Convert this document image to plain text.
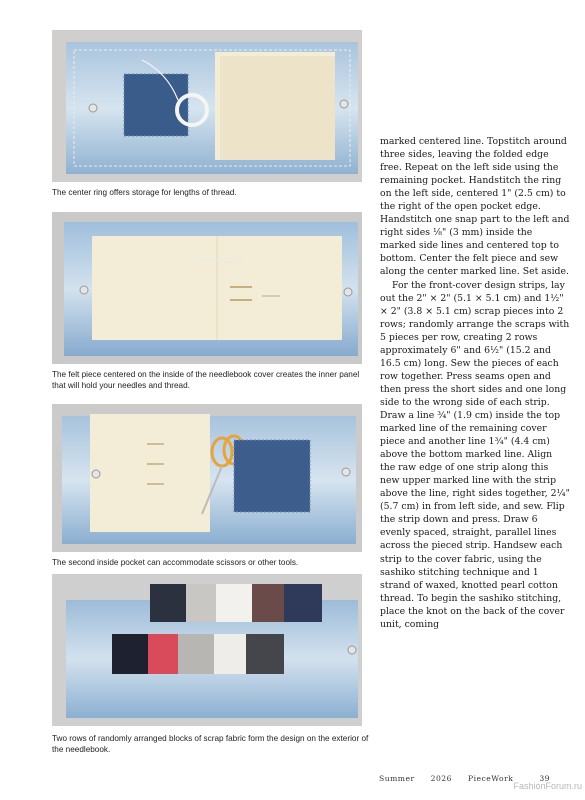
The center ring offers storage for lengths of thread.

The felt piece centered on the inside of the needlebook cover creates the inner panel that will hold your needles and thread.

The second inside pocket can accommodate scissors or other tools.

Two rows of randomly arranged blocks of scrap fabric form the design on the exterior of the needlebook.

marked centered line. Topstitch around three sides, leaving the folded edge free. Repeat on the left side using the remaining pocket. Handstitch the ring on the left side, centered 1" (2.5 cm) to the right of the open pocket edge. Handstitch one snap part to the left and right sides ⅛" (3 mm) inside the marked side lines and centered top to bottom. Center the felt piece and sew along the center marked line. Set aside.

For the front-cover design strips, lay out the 2" × 2" (5.1 × 5.1 cm) and 1½" × 2" (3.8 × 5.1 cm) scrap pieces into 2 rows; randomly arrange the scraps with 5 pieces per row, creating 2 rows approximately 6" and 6½" (15.2 and 16.5 cm) long. Sew the pieces of each row together. Press seams open and then press the short sides and one long side to the wrong side of each strip. Draw a line ¾" (1.9 cm) inside the top marked line of the remaining cover piece and another line 1¾" (4.4 cm) above the bottom marked line. Align the raw edge of one strip along this new upper marked line with the strip above the line, right sides together, 2¼" (5.7 cm) in from left side, and sew. Flip the strip down and press. Draw 6 evenly spaced, straight, parallel lines across the pieced strip. Handsew each strip to the cover fabric, using the sashiko stitching technique and 1 strand of waxed, knotted pearl cotton thread. To begin the sashiko stitching, place the knot on the back of the cover unit, coming

Summer 2026 PieceWork	39
FashionForum.ru
